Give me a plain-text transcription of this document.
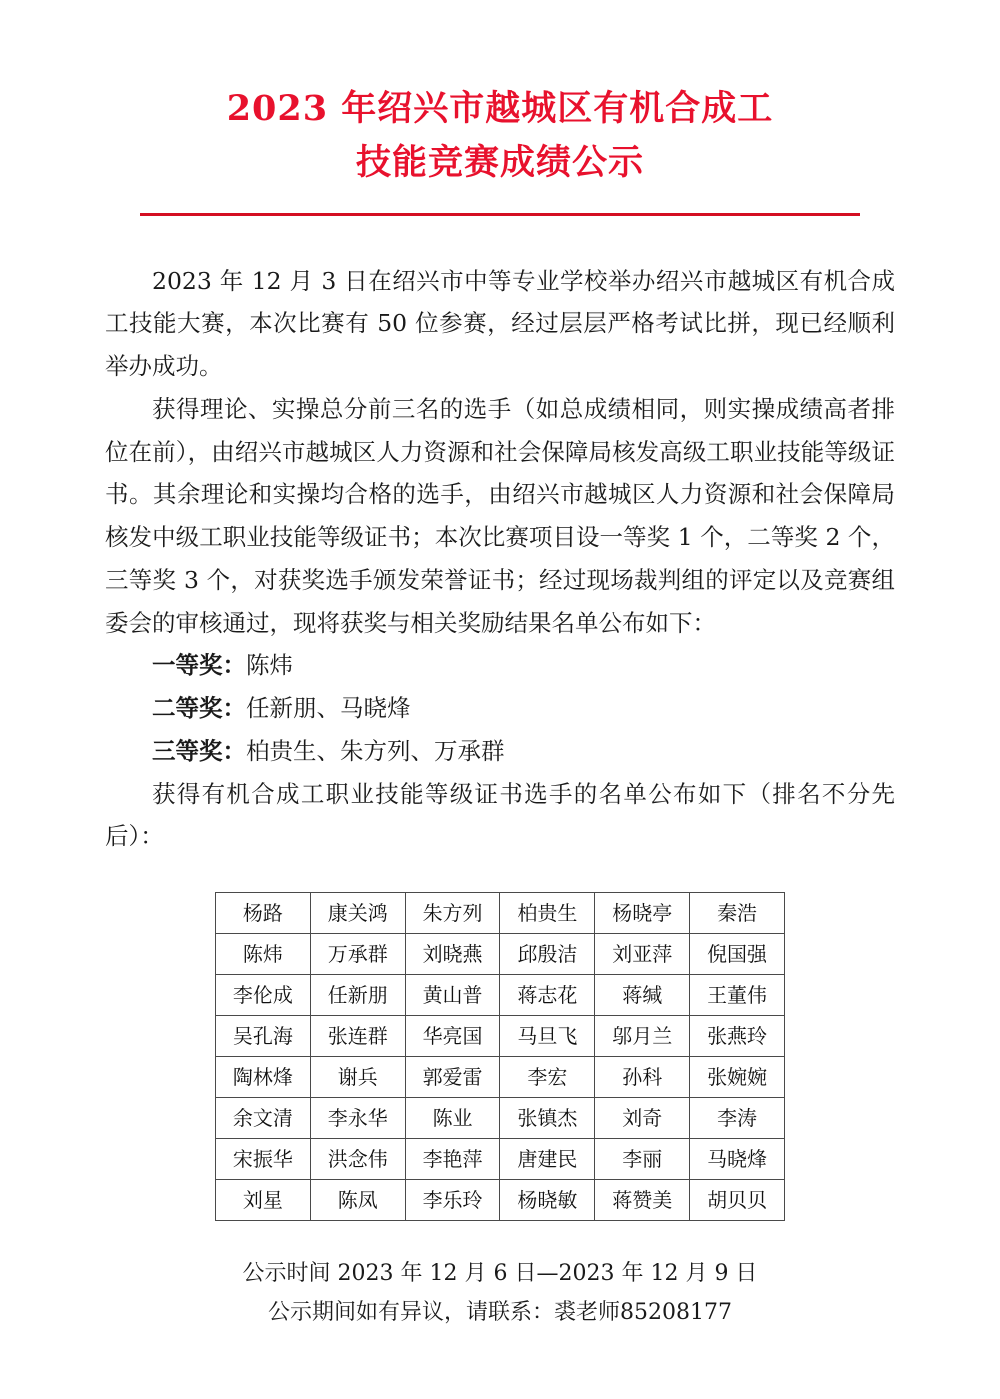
2023 年绍兴市越城区有机合成工
技能竞赛成绩公示

2023 年 12 月 3 日在绍兴市中等专业学校举办绍兴市越城区有机合成工技能大赛，本次比赛有 50 位参赛，经过层层严格考试比拼，现已经顺利举办成功。

获得理论、实操总分前三名的选手（如总成绩相同，则实操成绩高者排位在前），由绍兴市越城区人力资源和社会保障局核发高级工职业技能等级证书。其余理论和实操均合格的选手，由绍兴市越城区人力资源和社会保障局核发中级工职业技能等级证书；本次比赛项目设一等奖 1 个，二等奖 2 个，三等奖 3 个，对获奖选手颁发荣誉证书；经过现场裁判组的评定以及竞赛组委会的审核通过，现将获奖与相关奖励结果名单公布如下：

一等奖：陈炜

二等奖：任新朋、马晓烽

三等奖：柏贵生、朱方列、万承群

获得有机合成工职业技能等级证书选手的名单公布如下（排名不分先后）：

杨路	康关鸿	朱方列	柏贵生	杨晓亭	秦浩
陈炜	万承群	刘晓燕	邱殷洁	刘亚萍	倪国强
李伦成	任新朋	黄山普	蒋志花	蒋缄	王董伟
吴孔海	张连群	华亮国	马旦飞	邬月兰	张燕玲
陶林烽	谢兵	郭爱雷	李宏	孙科	张婉婉
余文清	李永华	陈业	张镇杰	刘奇	李涛
宋振华	洪念伟	李艳萍	唐建民	李丽	马晓烽
刘星	陈凤	李乐玲	杨晓敏	蒋赞美	胡贝贝
公示时间 2023 年 12 月 6 日—2023 年 12 月 9 日
公示期间如有异议，请联系：裘老师85208177
